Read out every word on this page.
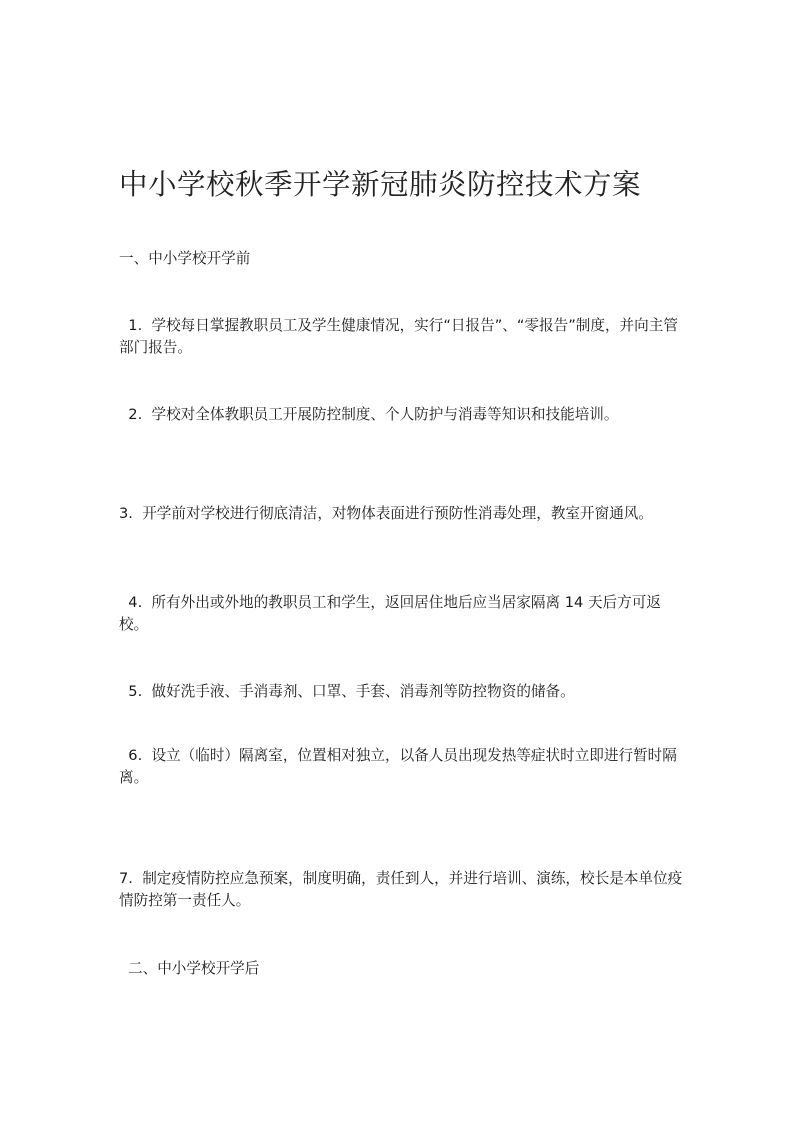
中小学校秋季开学新冠肺炎防控技术方案
一、中小学校开学前
1.  学校每日掌握教职员工及学生健康情况，实行“日报告”、“零报告”制度，并向主管部门报告。
2.  学校对全体教职员工开展防控制度、个人防护与消毒等知识和技能培训。
3.  开学前对学校进行彻底清洁，对物体表面进行预防性消毒处理，教室开窗通风。
4.  所有外出或外地的教职员工和学生，返回居住地后应当居家隔离 14 天后方可返校。
5.  做好洗手液、手消毒剂、口罩、手套、消毒剂等防控物资的储备。
6.  设立（临时）隔离室，位置相对独立，以备人员出现发热等症状时立即进行暂时隔离。
7.  制定疫情防控应急预案，制度明确，责任到人，并进行培训、演练，校长是本单位疫情防控第一责任人。
二、中小学校开学后
